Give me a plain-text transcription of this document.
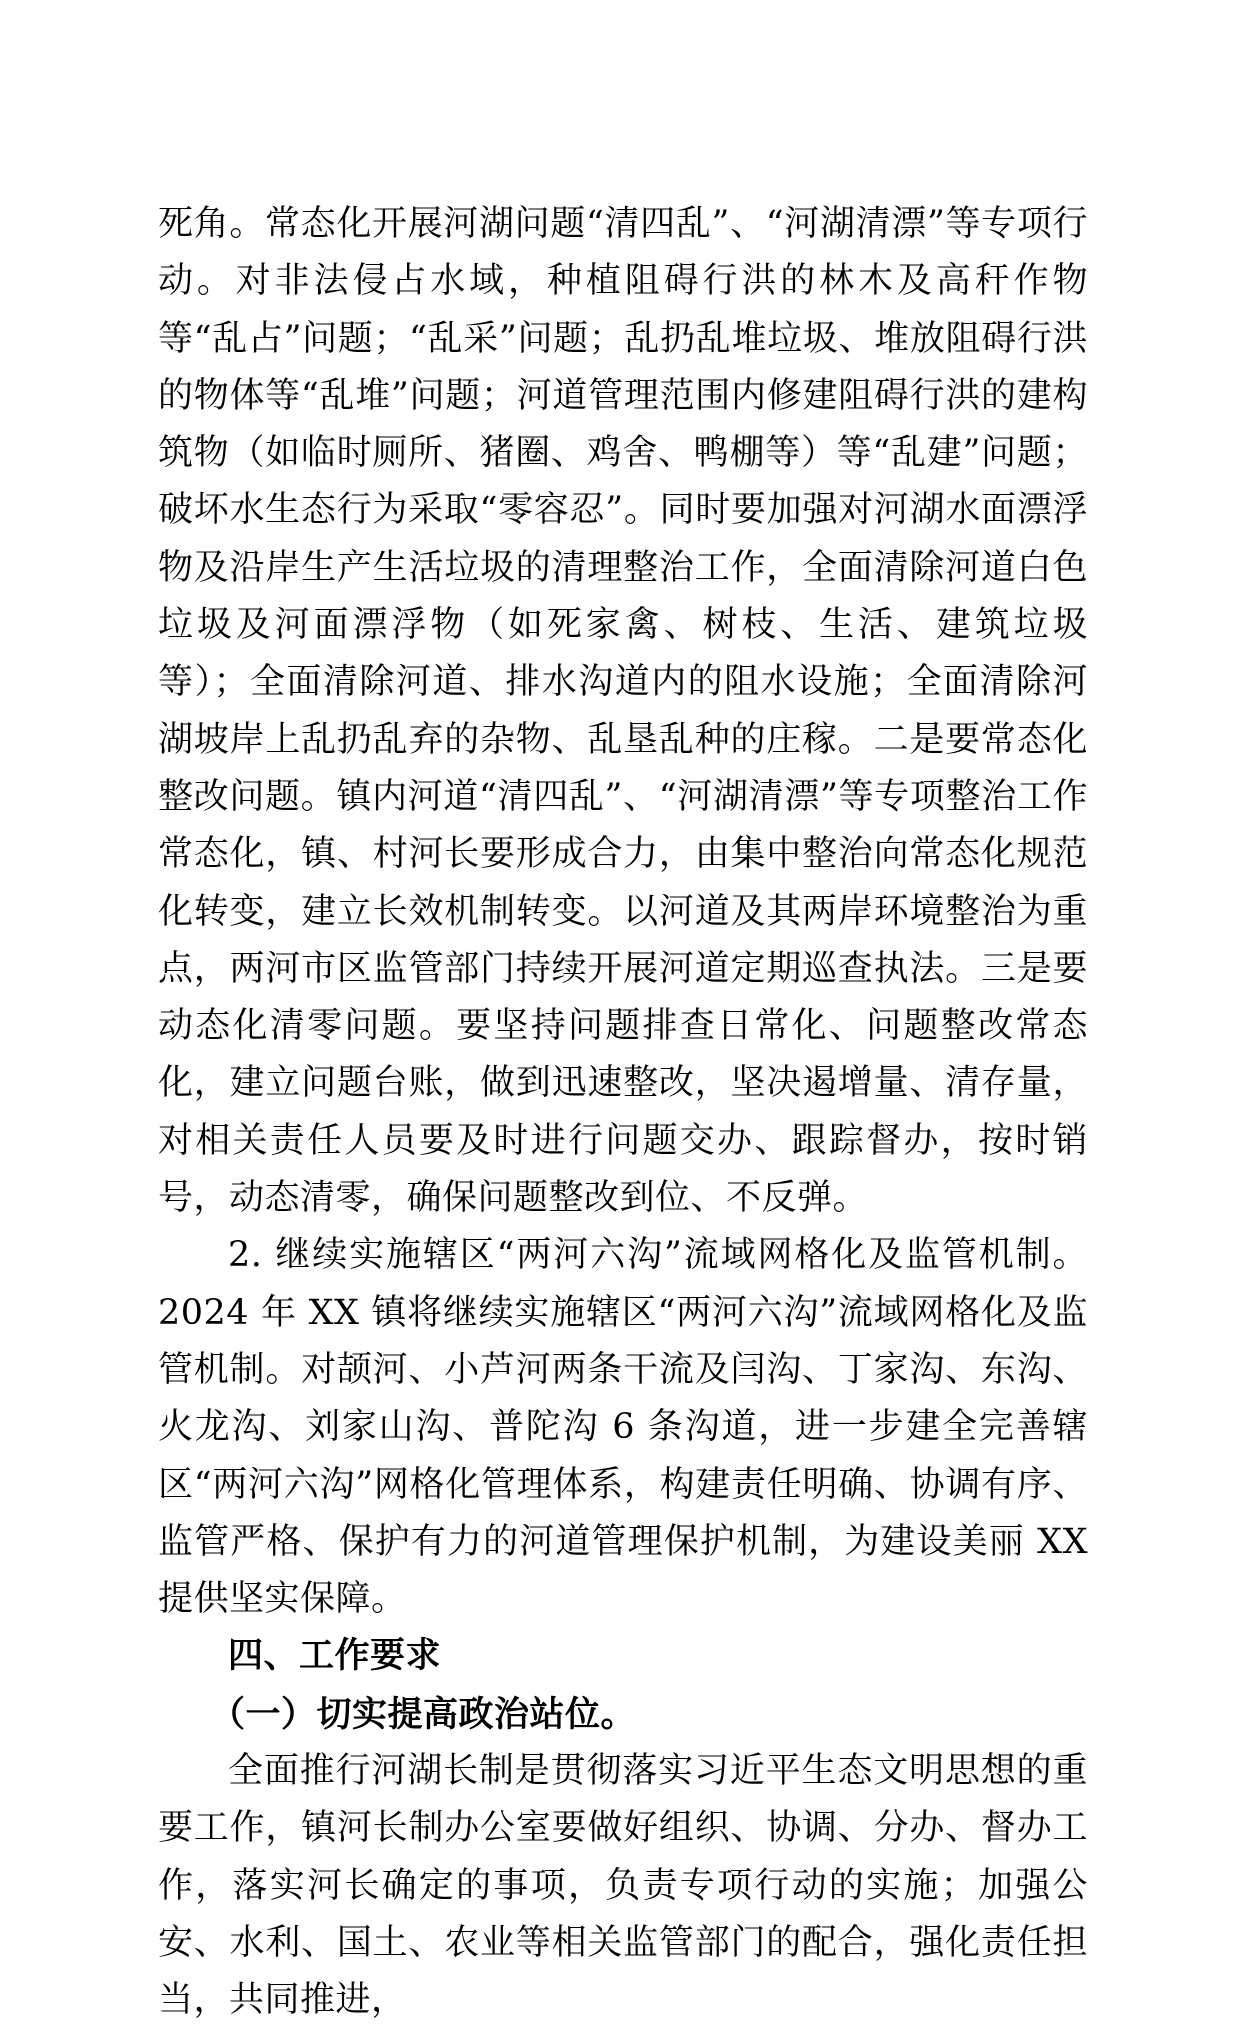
死角。常态化开展河湖问题“清四乱”、“河湖清漂”等专项行动。对非法侵占水域，种植阻碍行洪的林木及高秆作物等“乱占”问题；“乱采”问题；乱扔乱堆垃圾、堆放阻碍行洪的物体等“乱堆”问题；河道管理范围内修建阻碍行洪的建构筑物（如临时厕所、猪圈、鸡舍、鸭棚等）等“乱建”问题；破坏水生态行为采取“零容忍”。同时要加强对河湖水面漂浮物及沿岸生产生活垃圾的清理整治工作，全面清除河道白色垃圾及河面漂浮物（如死家禽、树枝、生活、建筑垃圾等）；全面清除河道、排水沟道内的阻水设施；全面清除河湖坡岸上乱扔乱弃的杂物、乱垦乱种的庄稼。二是要常态化整改问题。镇内河道“清四乱”、“河湖清漂”等专项整治工作常态化，镇、村河长要形成合力，由集中整治向常态化规范化转变，建立长效机制转变。以河道及其两岸环境整治为重点，两河市区监管部门持续开展河道定期巡查执法。三是要动态化清零问题。要坚持问题排查日常化、问题整改常态化，建立问题台账，做到迅速整改，坚决遏增量、清存量，对相关责任人员要及时进行问题交办、跟踪督办，按时销号，动态清零，确保问题整改到位、不反弹。

2. 继续实施辖区“两河六沟”流域网格化及监管机制。2024 年 XX 镇将继续实施辖区“两河六沟”流域网格化及监管机制。对颉河、小芦河两条干流及闫沟、丁家沟、东沟、火龙沟、刘家山沟、普陀沟 6 条沟道，进一步建全完善辖区“两河六沟”网格化管理体系，构建责任明确、协调有序、监管严格、保护有力的河道管理保护机制，为建设美丽 XX 提供坚实保障。

四、工作要求

（一）切实提高政治站位。

全面推行河湖长制是贯彻落实习近平生态文明思想的重要工作，镇河长制办公室要做好组织、协调、分办、督办工作，落实河长确定的事项，负责专项行动的实施；加强公安、水利、国土、农业等相关监管部门的配合，强化责任担当，共同推进，
